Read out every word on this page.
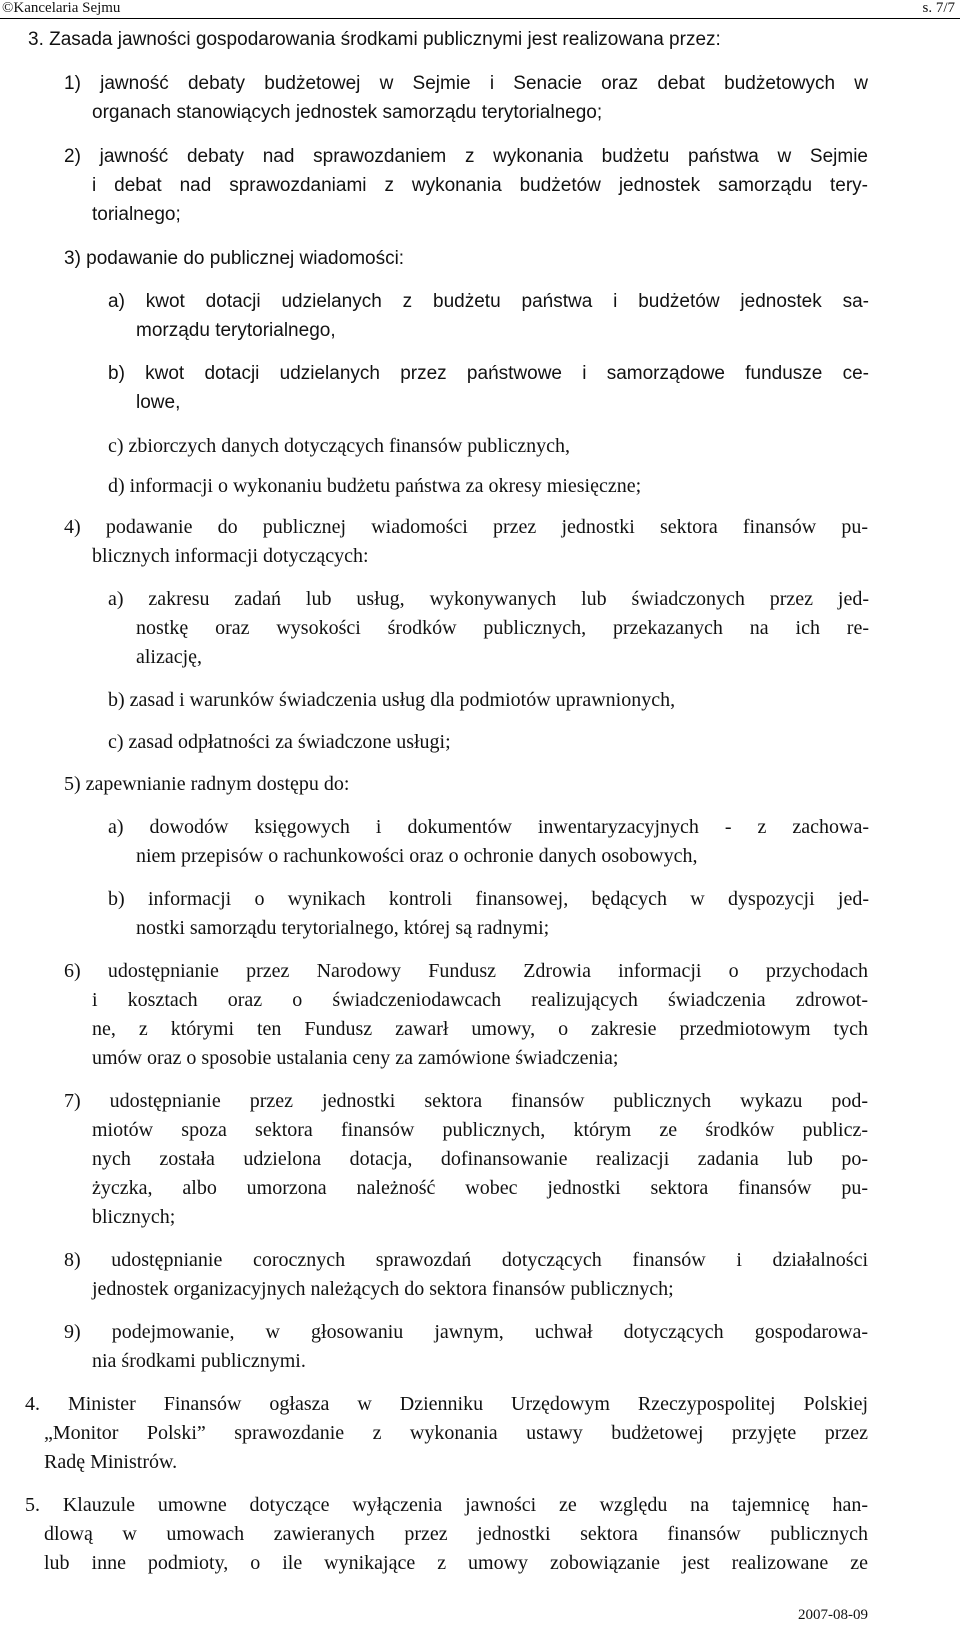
©Kancelaria Sejmu	s. 7/7
3. Zasada jawności gospodarowania środkami publicznymi jest realizowana przez:
1) jawność debaty budżetowej w Sejmie i Senacie oraz debat budżetowych w
organach stanowiących jednostek samorządu terytorialnego;
2) jawność debaty nad sprawozdaniem z wykonania budżetu państwa w Sejmie
i debat nad sprawozdaniami z wykonania budżetów jednostek samorządu tery-
torialnego;
3) podawanie do publicznej wiadomości:
a) kwot dotacji udzielanych z budżetu państwa i budżetów jednostek sa-
morządu terytorialnego,
b) kwot dotacji udzielanych przez państwowe i samorządowe fundusze ce-
lowe,
c) zbiorczych danych dotyczących finansów publicznych,
d) informacji o wykonaniu budżetu państwa za okresy miesięczne;
4) podawanie do publicznej wiadomości przez jednostki sektora finansów pu-
blicznych informacji dotyczących:
a) zakresu zadań lub usług, wykonywanych lub świadczonych przez jed-
nostkę oraz wysokości środków publicznych, przekazanych na ich re-
alizację,
b) zasad i warunków świadczenia usług dla podmiotów uprawnionych,
c) zasad odpłatności za świadczone usługi;
5) zapewnianie radnym dostępu do:
a) dowodów księgowych i dokumentów inwentaryzacyjnych - z zachowa-
niem przepisów o rachunkowości oraz o ochronie danych osobowych,
b) informacji o wynikach kontroli finansowej, będących w dyspozycji jed-
nostki samorządu terytorialnego, której są radnymi;
6) udostępnianie przez Narodowy Fundusz Zdrowia informacji o przychodach
i kosztach oraz o świadczeniodawcach realizujących świadczenia zdrowot-
ne, z którymi ten Fundusz zawarł umowy, o zakresie przedmiotowym tych
umów oraz o sposobie ustalania ceny za zamówione świadczenia;
7) udostępnianie przez jednostki sektora finansów publicznych wykazu pod-
miotów spoza sektora finansów publicznych, którym ze środków publicz-
nych została udzielona dotacja, dofinansowanie realizacji zadania lub po-
życzka, albo umorzona należność wobec jednostki sektora finansów pu-
blicznych;
8) udostępnianie corocznych sprawozdań dotyczących finansów i działalności
jednostek organizacyjnych należących do sektora finansów publicznych;
9) podejmowanie, w głosowaniu jawnym, uchwał dotyczących gospodarowa-
nia środkami publicznymi.
4. Minister Finansów ogłasza w Dzienniku Urzędowym Rzeczypospolitej Polskiej
„Monitor Polski” sprawozdanie z wykonania ustawy budżetowej przyjęte przez
Radę Ministrów.
5. Klauzule umowne dotyczące wyłączenia jawności ze względu na tajemnicę han-
dlową w umowach zawieranych przez jednostki sektora finansów publicznych
lub inne podmioty, o ile wynikające z umowy zobowiązanie jest realizowane ze
2007-08-09
